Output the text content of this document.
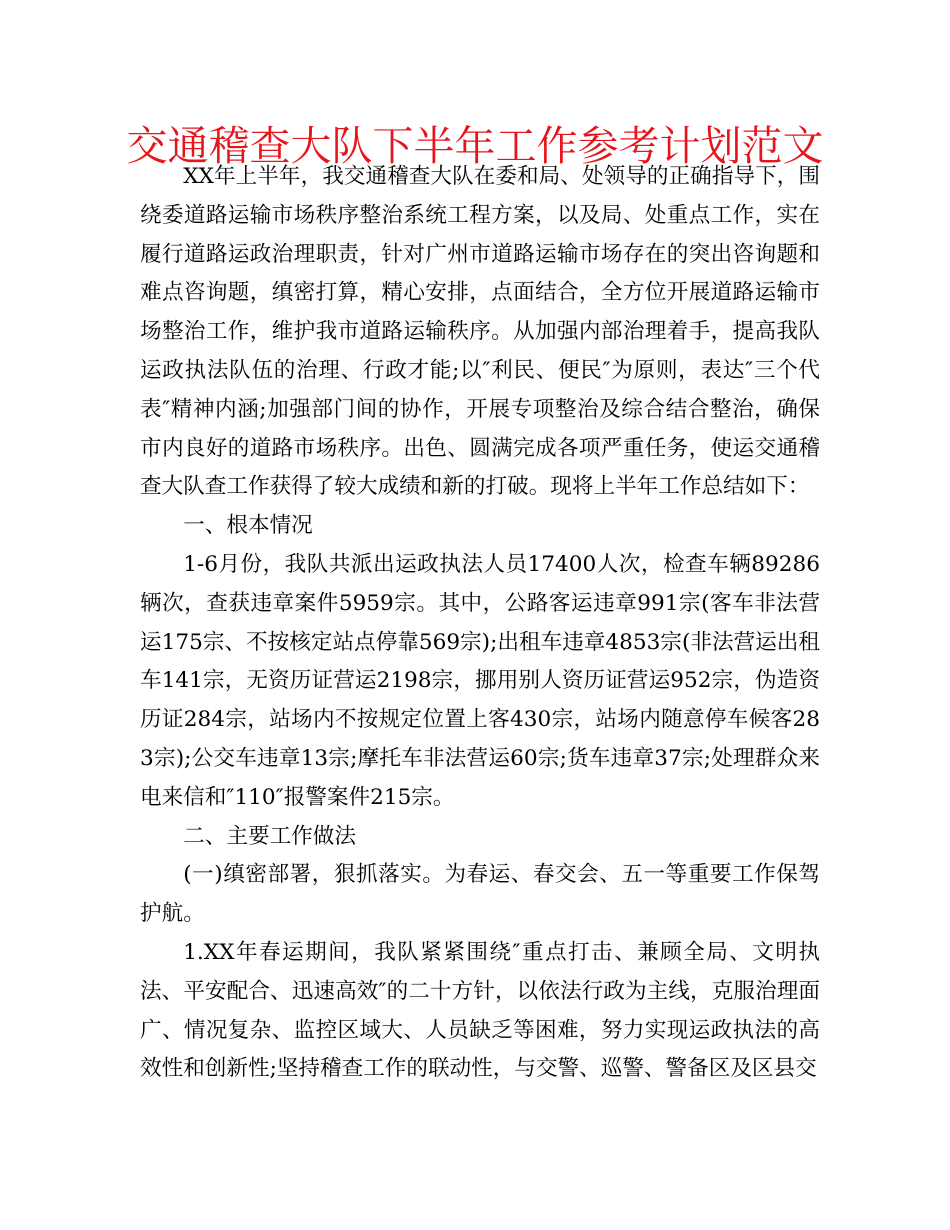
交通稽查大队下半年工作参考计划范文

XX年上半年，我交通稽查大队在委和局、处领导的正确指导下，围绕委道路运输市场秩序整治系统工程方案，以及局、处重点工作，实在履行道路运政治理职责，针对广州市道路运输市场存在的突出咨询题和难点咨询题，缜密打算，精心安排，点面结合，全方位开展道路运输市场整治工作，维护我市道路运输秩序。从加强内部治理着手，提高我队运政执法队伍的治理、行政才能;以″利民、便民″为原则，表达″三个代表″精神内涵;加强部门间的协作，开展专项整治及综合结合整治，确保市内良好的道路市场秩序。出色、圆满完成各项严重任务，使运交通稽查大队查工作获得了较大成绩和新的打破。现将上半年工作总结如下：

一、根本情况

1-6月份，我队共派出运政执法人员17400人次，检查车辆89286辆次，查获违章案件5959宗。其中，公路客运违章991宗(客车非法营运175宗、不按核定站点停靠569宗);出租车违章4853宗(非法营运出租车141宗，无资历证营运2198宗，挪用别人资历证营运952宗，伪造资历证284宗，站场内不按规定位置上客430宗，站场内随意停车候客283宗);公交车违章13宗;摩托车非法营运60宗;货车违章37宗;处理群众来电来信和″110″报警案件215宗。

二、主要工作做法

(一)缜密部署，狠抓落实。为春运、春交会、五一等重要工作保驾护航。

1.XX年春运期间，我队紧紧围绕″重点打击、兼顾全局、文明执法、平安配合、迅速高效″的二十方针，以依法行政为主线，克服治理面广、情况复杂、监控区域大、人员缺乏等困难，努力实现运政执法的高效性和创新性;坚持稽查工作的联动性，与交警、巡警、警备区及区县交
